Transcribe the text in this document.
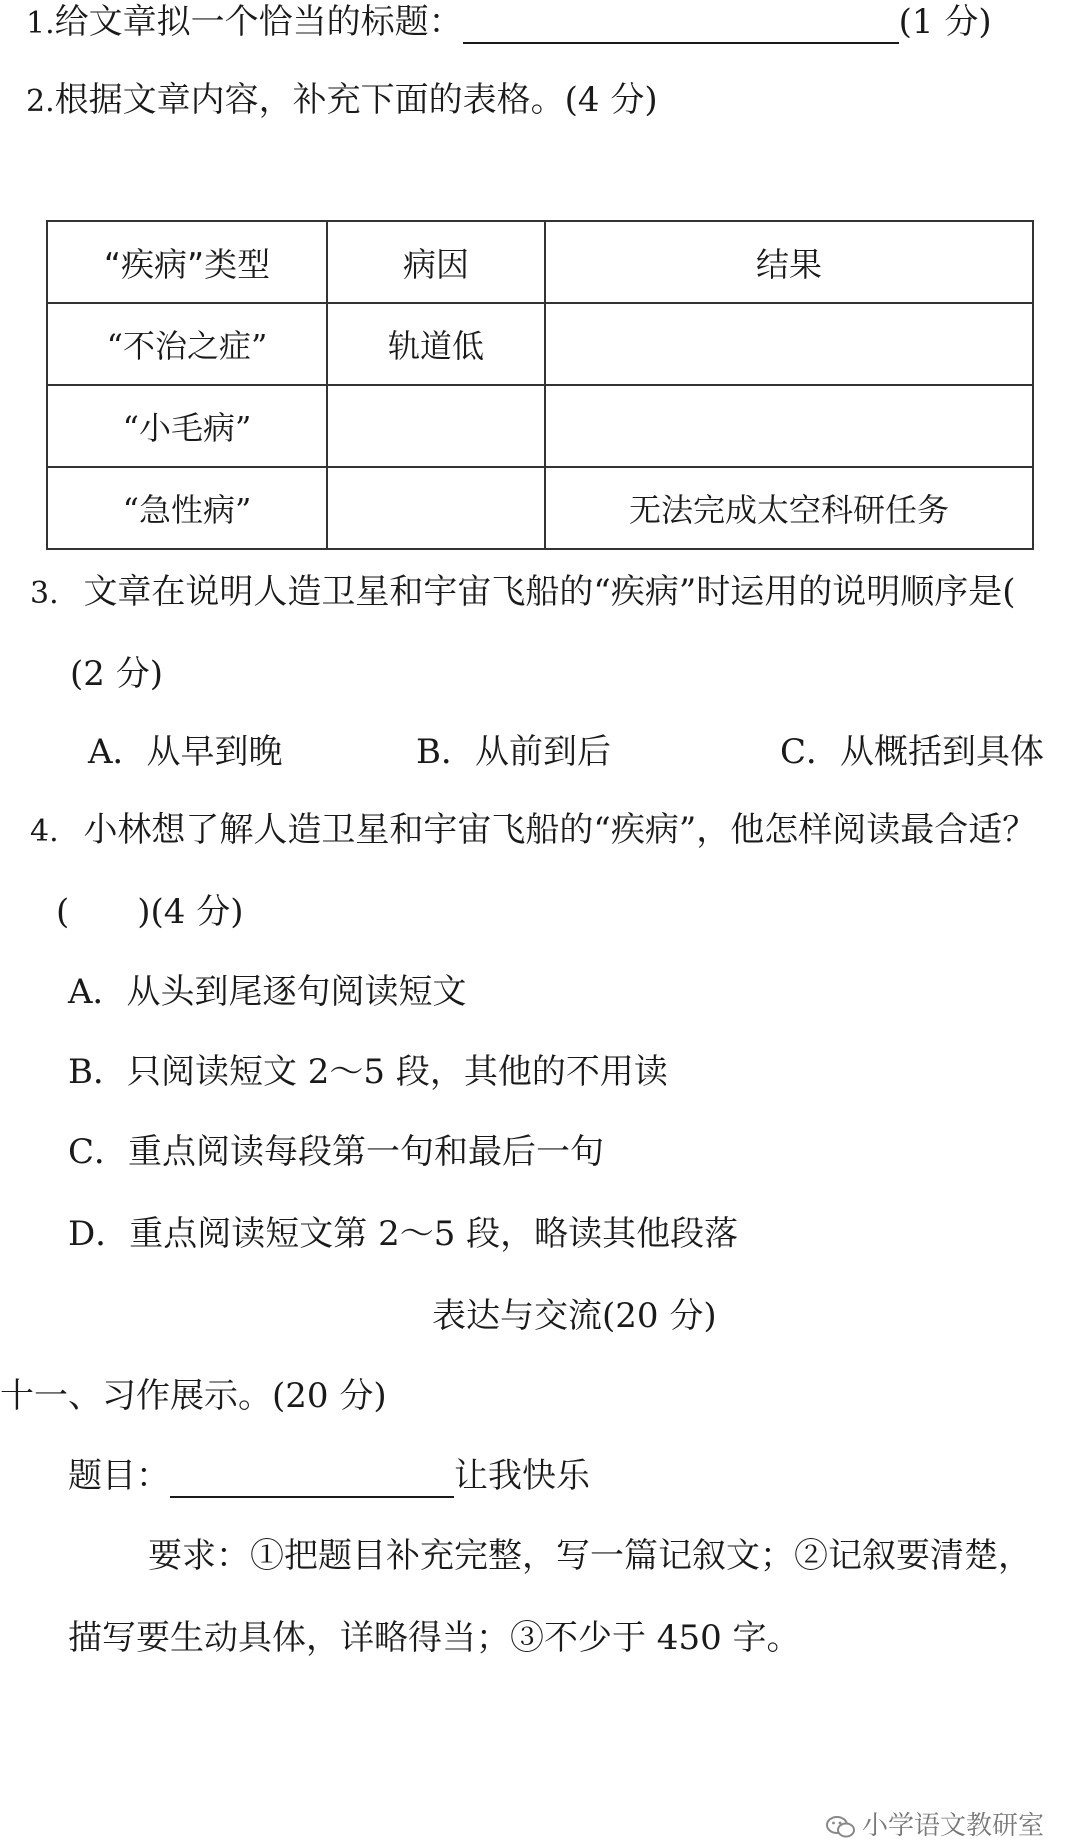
1.给文章拟一个恰当的标题：	(1 分)
2.根据文章内容，补充下面的表格。(4 分)
“疾病”类型	病因	结果
“不治之症”	轨道低	
“小毛病”		
“急性病”		无法完成太空科研任务
3. 文章在说明人造卫星和宇宙飞船的“疾病”时运用的说明顺序是(
(2 分)
A．从早到晚	B．从前到后	C．从概括到具体
4. 小林想了解人造卫星和宇宙飞船的“疾病”，他怎样阅读最合适？
(　　)(4 分)
A．从头到尾逐句阅读短文
B．只阅读短文 2～5 段，其他的不用读
C．重点阅读每段第一句和最后一句
D．重点阅读短文第 2～5 段，略读其他段落
表达与交流(20 分)
十一、习作展示。(20 分)
题目：	让我快乐
要求：①把题目补充完整，写一篇记叙文；②记叙要清楚，
描写要生动具体，详略得当；③不少于 450 字。
小学语文教研室
